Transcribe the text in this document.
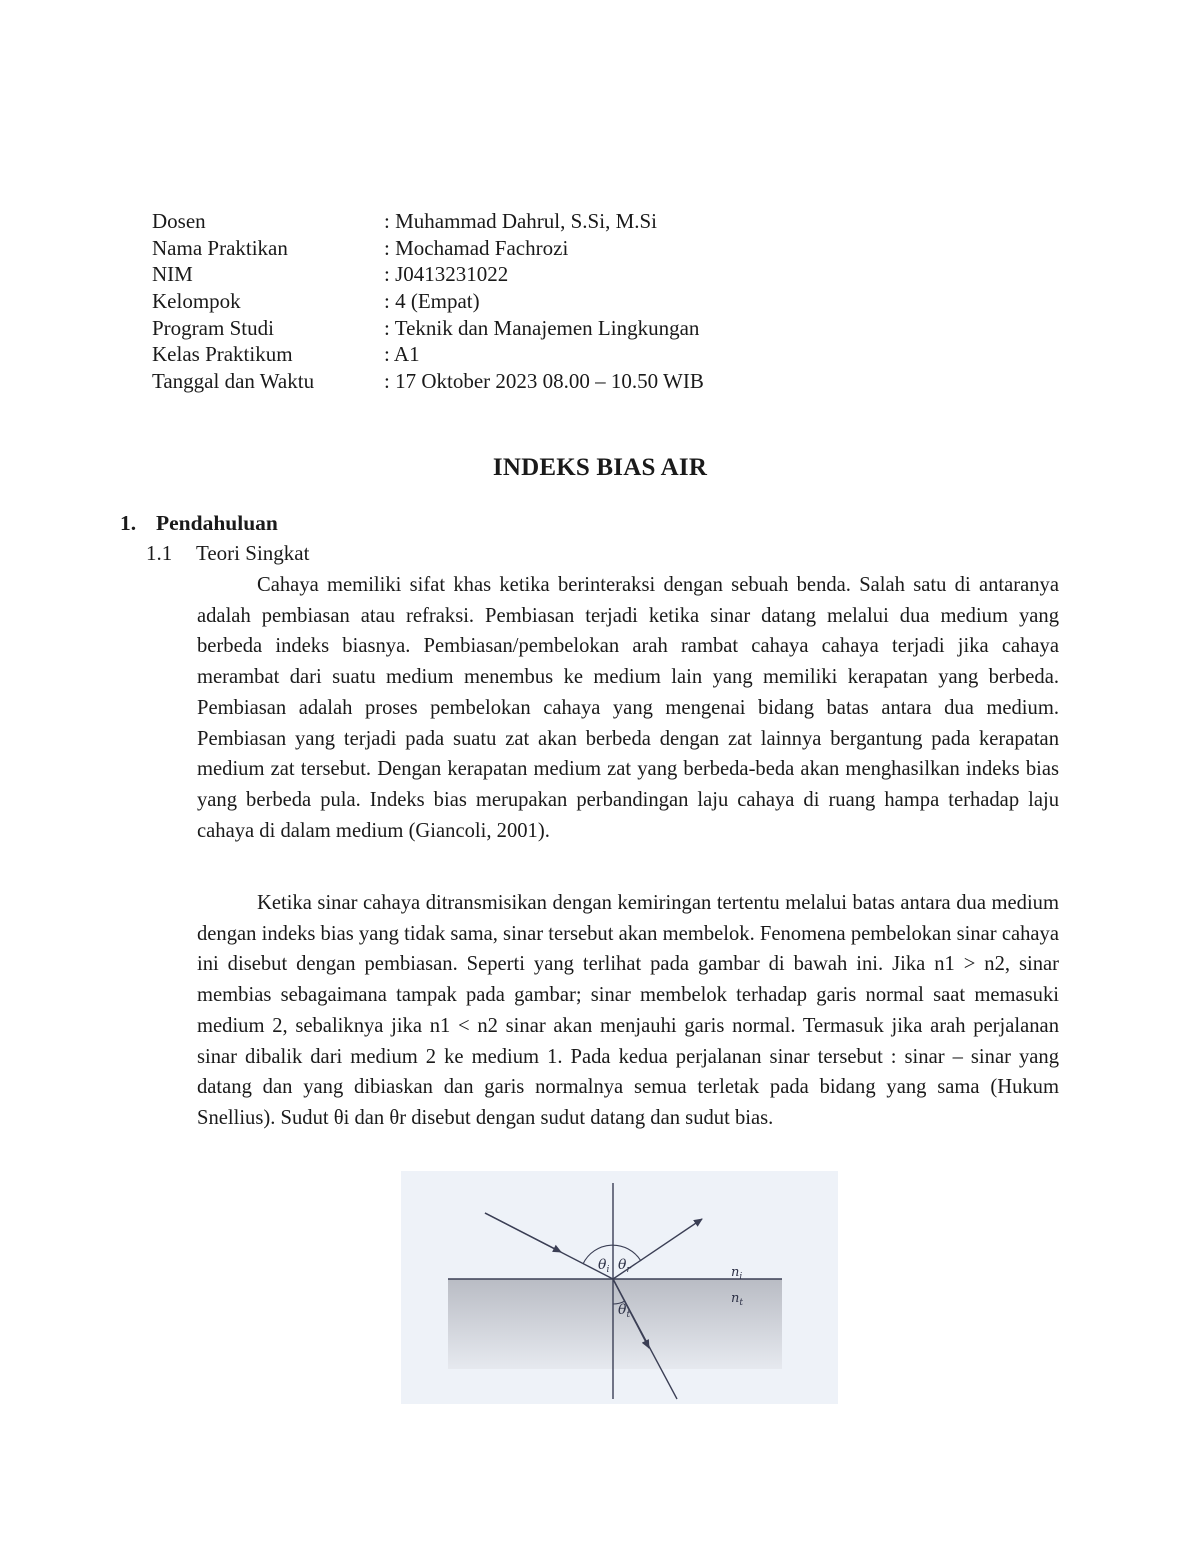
Dosen	: Muhammad Dahrul, S.Si, M.Si
Nama Praktikan	: Mochamad Fachrozi
NIM	: J0413231022
Kelompok	: 4 (Empat)
Program Studi	: Teknik dan Manajemen Lingkungan
Kelas Praktikum	: A1
Tanggal dan Waktu	: 17 Oktober 2023 08.00 – 10.50 WIB
INDEKS BIAS AIR
1. Pendahuluan
1.1 Teori Singkat

Cahaya memiliki sifat khas ketika berinteraksi dengan sebuah benda. Salah satu di antaranya adalah pembiasan atau refraksi. Pembiasan terjadi ketika sinar datang melalui dua medium yang berbeda indeks biasnya. Pembiasan/pembelokan arah rambat cahaya cahaya terjadi jika cahaya merambat dari suatu medium menembus ke medium lain yang memiliki kerapatan yang berbeda. Pembiasan adalah proses pembelokan cahaya yang mengenai bidang batas antara dua medium. Pembiasan yang terjadi pada suatu zat akan berbeda dengan zat lainnya bergantung pada kerapatan medium zat tersebut. Dengan kerapatan medium zat yang berbeda-beda akan menghasilkan indeks bias yang berbeda pula. Indeks bias merupakan perbandingan laju cahaya di ruang hampa terhadap laju cahaya di dalam medium (Giancoli, 2001).

Ketika sinar cahaya ditransmisikan dengan kemiringan tertentu melalui batas antara dua medium dengan indeks bias yang tidak sama, sinar tersebut akan membelok. Fenomena pembelokan sinar cahaya ini disebut dengan pembiasan. Seperti yang terlihat pada gambar di bawah ini. Jika n1 > n2, sinar membias sebagaimana tampak pada gambar; sinar membelok terhadap garis normal saat memasuki medium 2, sebaliknya jika n1 < n2 sinar akan menjauhi garis normal. Termasuk jika arah perjalanan sinar dibalik dari medium 2 ke medium 1. Pada kedua perjalanan sinar tersebut : sinar – sinar yang datang dan yang dibiaskan dan garis normalnya semua terletak pada bidang yang sama (Hukum Snellius). Sudut θi dan θr disebut dengan sudut datang dan sudut bias.

$\theta_i$ $\theta_r$
$\theta_t$
$n_i$
$n_t$
